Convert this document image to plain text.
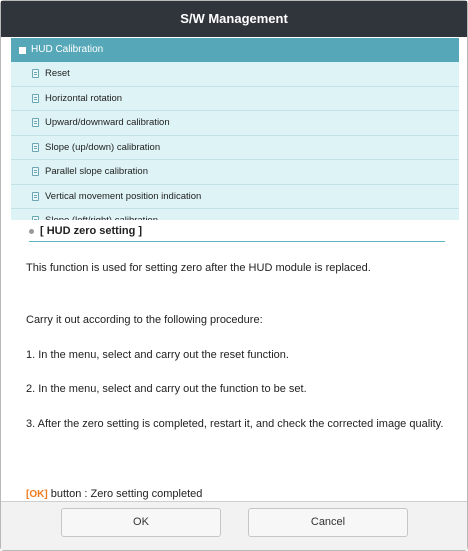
S/W Management
HUD Calibration
Reset
Horizontal rotation
Upward/downward calibration
Slope (up/down) calibration
Parallel slope calibration
Vertical movement position indication
[ HUD zero setting ]
This function is used for setting zero after the HUD module is replaced.
Carry it out according to the following procedure:
1. In the menu, select and carry out the reset function.
2. In the menu, select and carry out the function to be set.
3. After the zero setting is completed, restart it, and check the corrected image quality.
[OK] button : Zero setting completed
OK	Cancel
